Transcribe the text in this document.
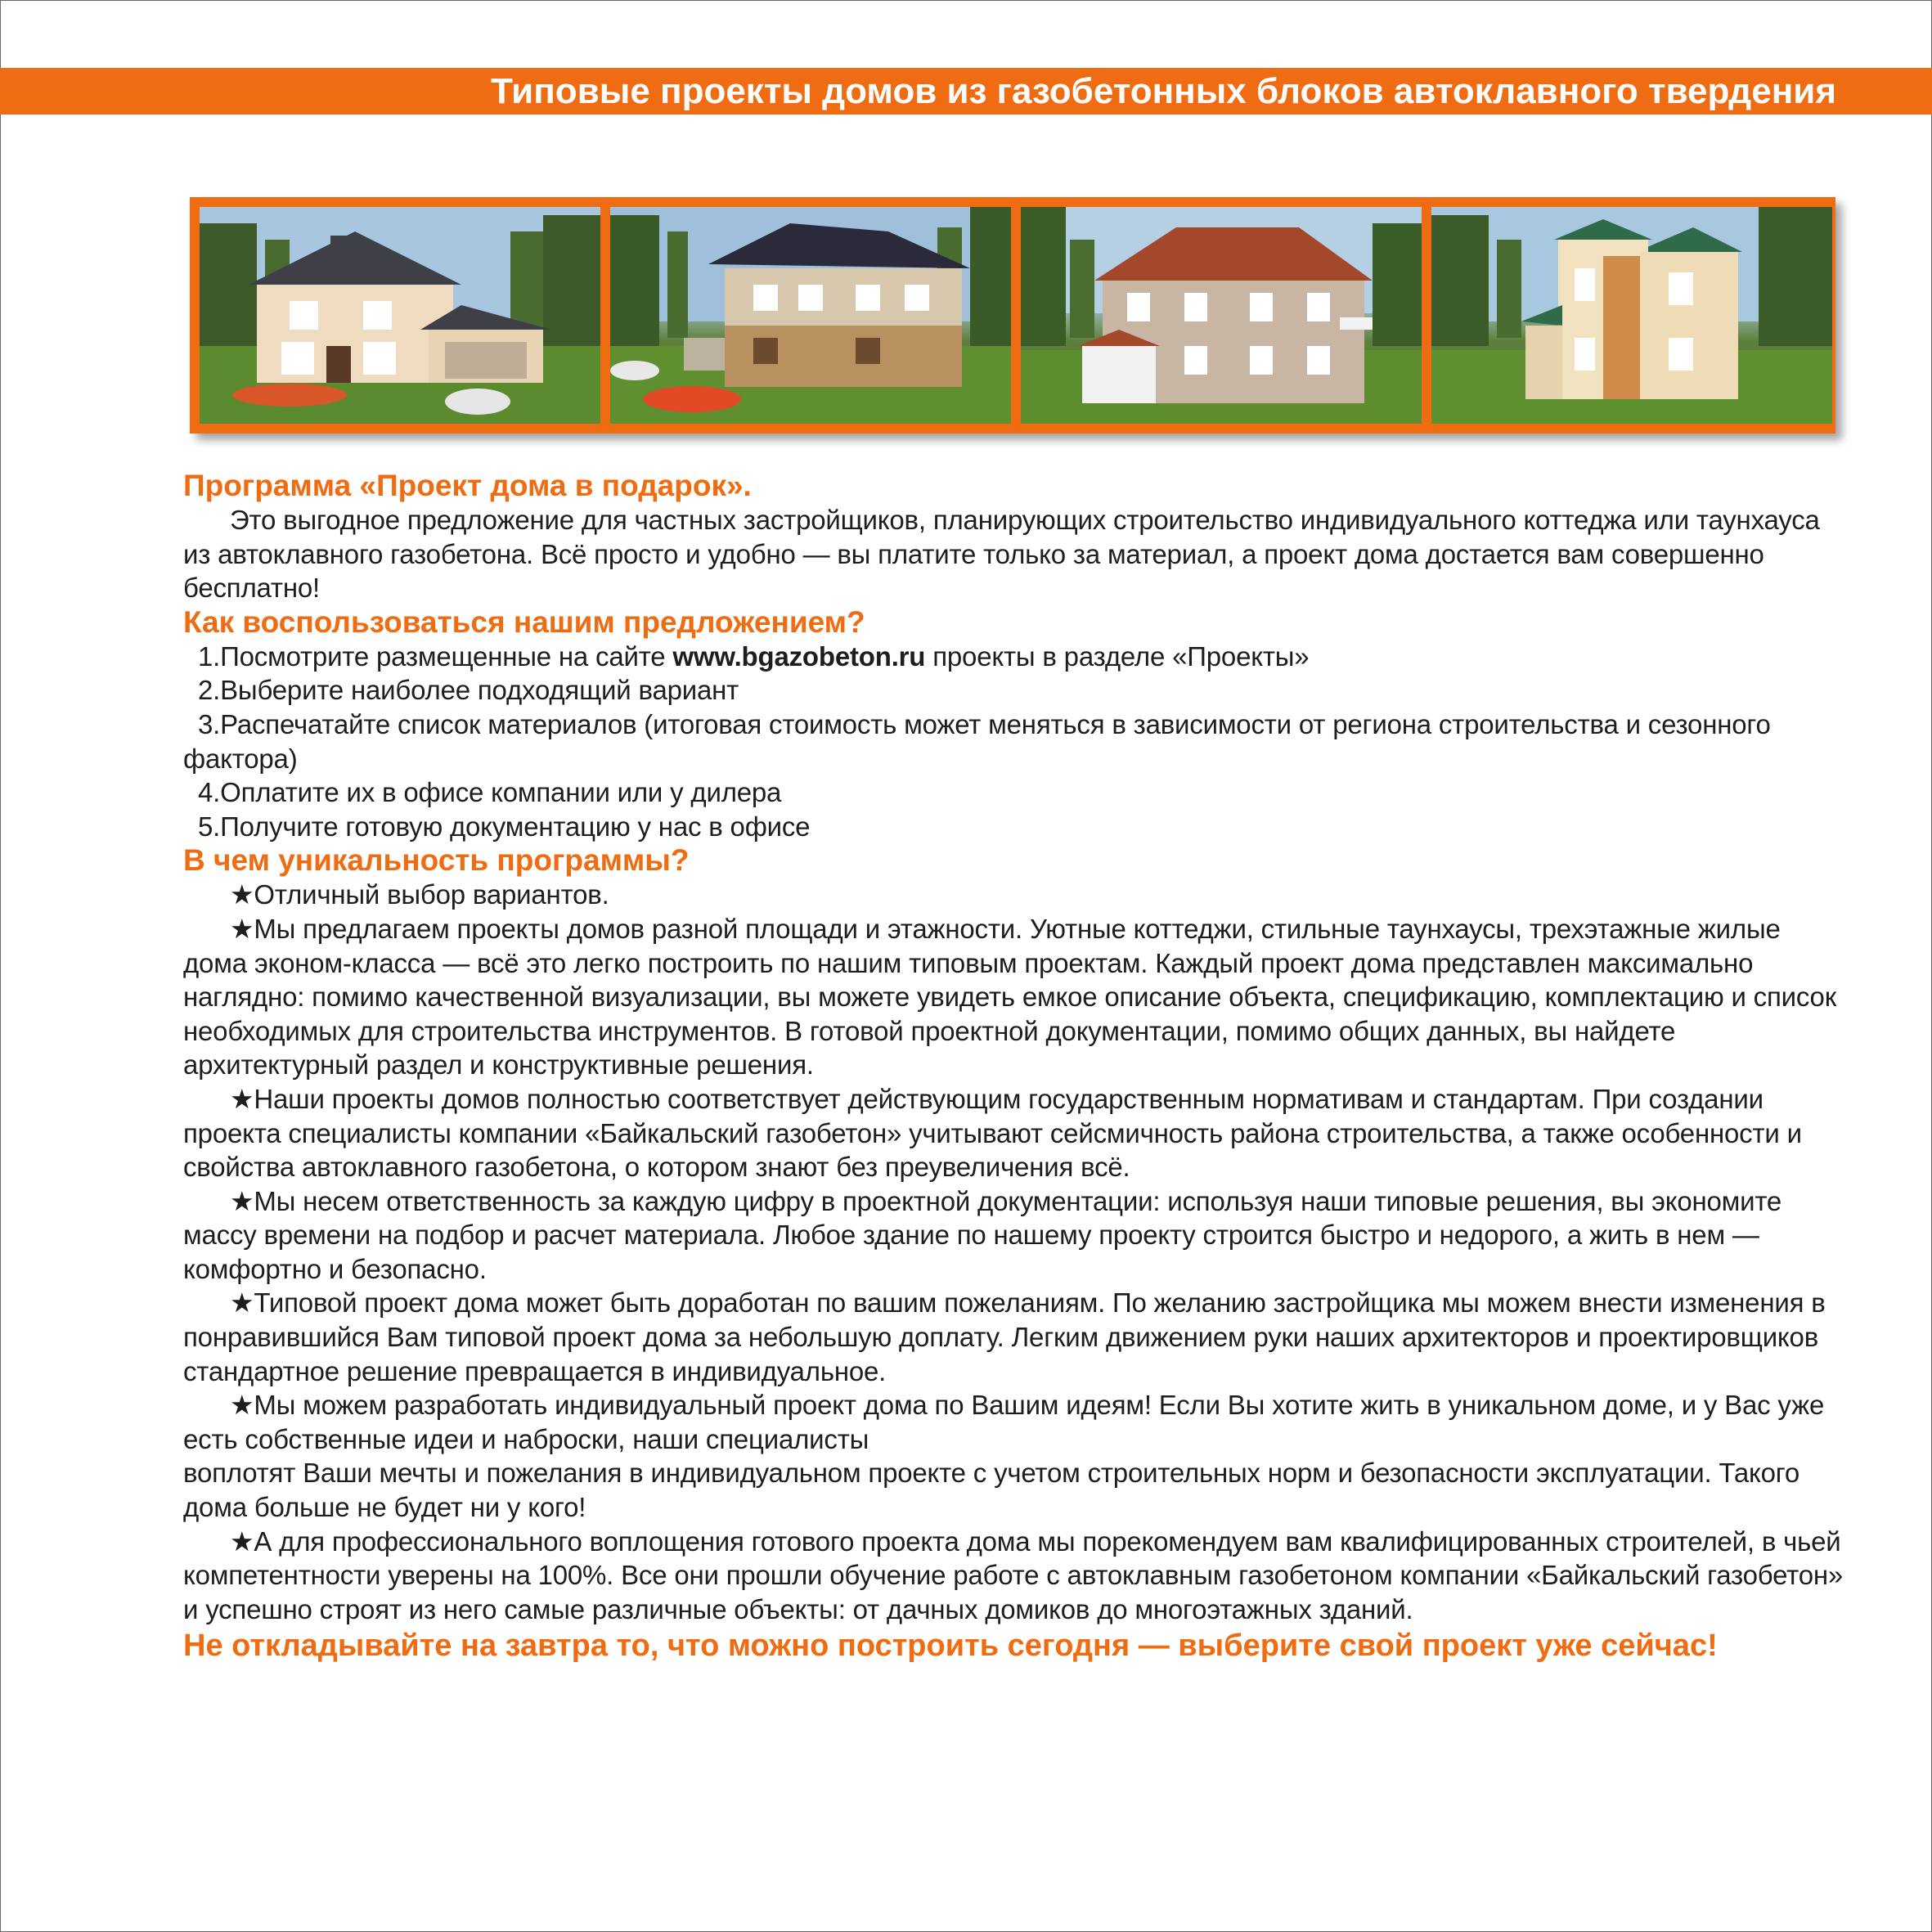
Типовые проекты домов из газобетонных блоков автоклавного твердения

Программа «Проект дома в подарок».

Это выгодное предложение для частных застройщиков, планирующих строительство индивидуального коттеджа или таунхауса из автоклавного газобетона. Всё просто и удобно — вы платите только за материал, а проект дома достается вам совершенно бесплатно!

Как воспользоваться нашим предложением?

1.Посмотрите размещенные на сайте www.bgazobeton.ru проекты в разделе «Проекты»

2.Выберите наиболее подходящий вариант

3.Распечатайте список материалов (итоговая стоимость может меняться в зависимости от региона строительства и сезонного фактора)

4.Оплатите их в офисе компании или у дилера

5.Получите готовую документацию у нас в офисе

В чем уникальность программы?

★Отличный выбор вариантов.

★Мы предлагаем проекты домов разной площади и этажности. Уютные коттеджи, стильные таунхаусы, трехэтажные жилые дома эконом-класса — всё это легко построить по нашим типовым проектам. Каждый проект дома представлен максимально наглядно: помимо качественной визуализации, вы можете увидеть емкое описание объекта, спецификацию, комплектацию и список необходимых для строительства инструментов. В готовой проектной документации, помимо общих данных, вы найдете архитектурный раздел и конструктивные решения.

★Наши проекты домов полностью соответствует действующим государственным нормативам и стандартам. При создании проекта специалисты компании «Байкальский газобетон» учитывают сейсмичность района строительства, а также особенности и свойства автоклавного газобетона, о котором знают без преувеличения всё.

★Мы несем ответственность за каждую цифру в проектной документации: используя наши типовые решения, вы экономите массу времени на подбор и расчет материала. Любое здание по нашему проекту строится быстро и недорого, а жить в нем — комфортно и безопасно.

★Типовой проект дома может быть доработан по вашим пожеланиям. По желанию застройщика мы можем внести изменения в понравившийся Вам типовой проект дома за небольшую доплату. Легким движением руки наших архитекторов и проектировщиков стандартное решение превращается в индивидуальное.

★Мы можем разработать индивидуальный проект дома по Вашим идеям! Если Вы хотите жить в уникальном доме, и у Вас уже есть собственные идеи и наброски, наши специалисты

воплотят Ваши мечты и пожелания в индивидуальном проекте с учетом строительных норм и безопасности эксплуатации. Такого дома больше не будет ни у кого!

★А для профессионального воплощения готового проекта дома мы порекомендуем вам квалифицированных строителей, в чьей компетентности уверены на 100%. Все они прошли обучение работе с автоклавным газобетоном компании «Байкальский газобетон» и успешно строят из него самые различные объекты: от дачных домиков до многоэтажных зданий.

Не откладывайте на завтра то, что можно построить сегодня — выберите свой проект уже сейчас!
